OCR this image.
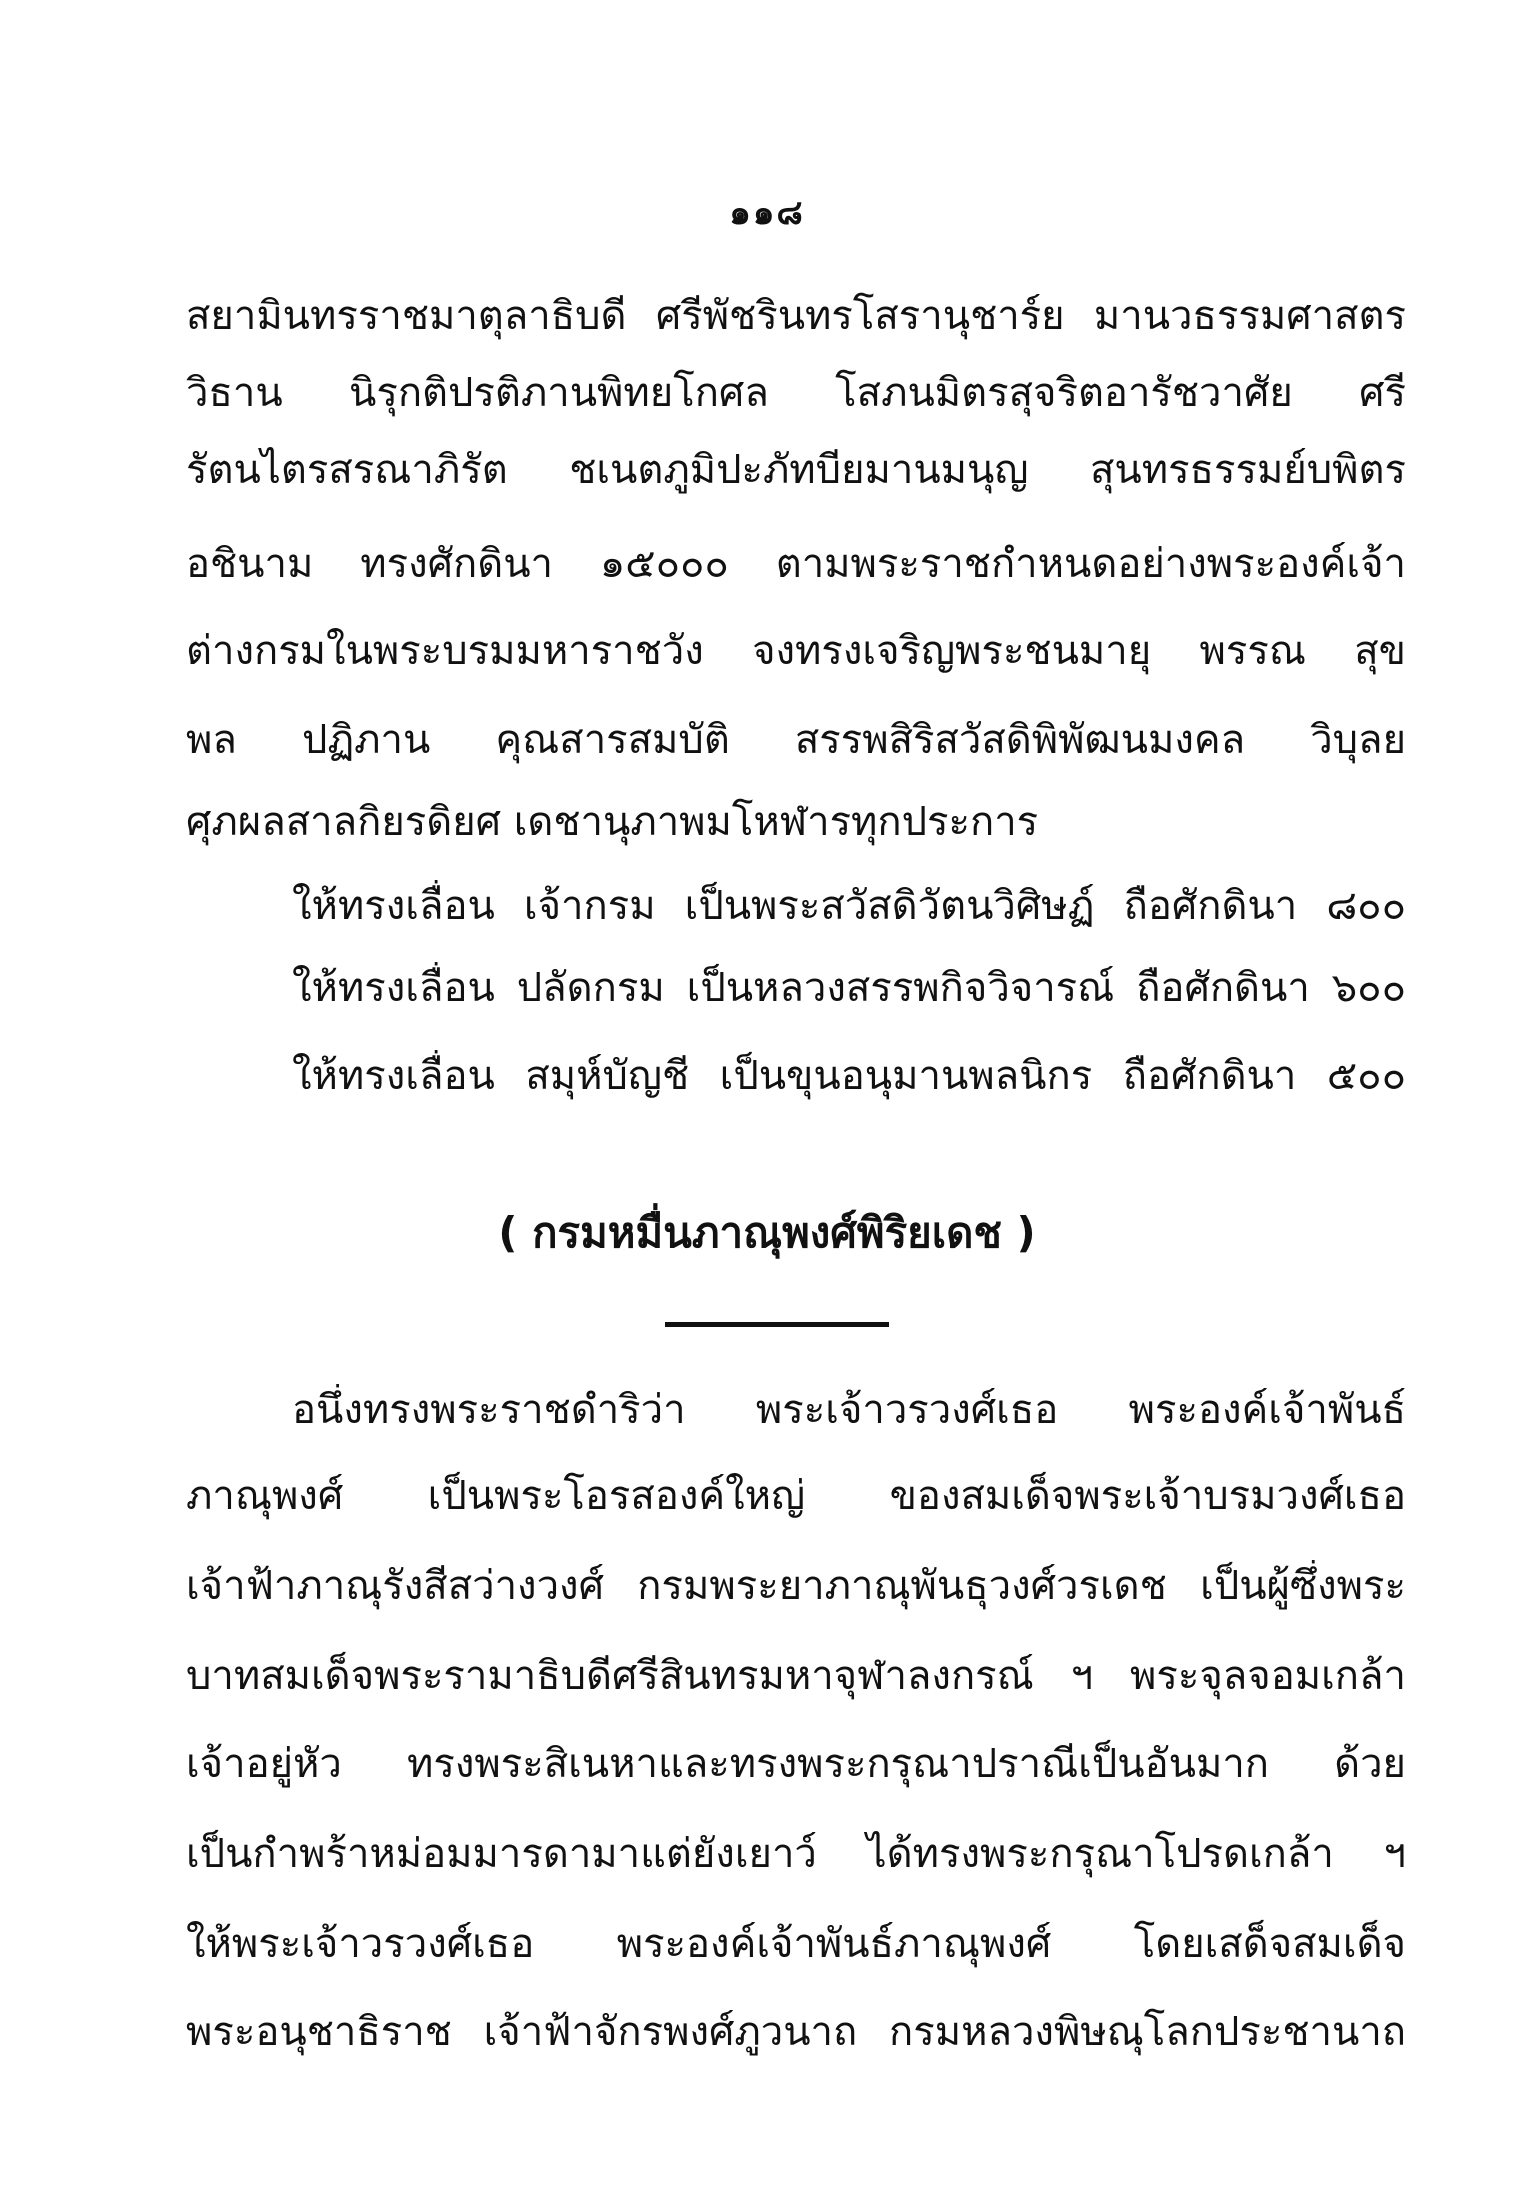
๑๑๘
สยามินทรราชมาตุลาธิบดี ศรีพัชรินทรโสรานุชาร์ย มานวธรรมศาสตร
วิธาน นิรุกติปรติภานพิทยโกศล โสภนมิตรสุจริตอารัชวาศัย ศรี
รัตนไตรสรณาภิรัต ชเนตภูมิปะภัทบียมานมนุญ สุนทรธรรมย์บพิตร
อชินาม ทรงศักดินา ๑๕๐๐๐ ตามพระราชกำหนดอย่างพระองค์เจ้า
ต่างกรมในพระบรมมหาราชวัง จงทรงเจริญพระชนมายุ พรรณ สุข
พล ปฏิภาน คุณสารสมบัติ สรรพสิริสวัสดิพิพัฒนมงคล วิบุลย
ศุภผลสาลกิยรดิยศ เดชานุภาพมโหฬารทุกประการ
ให้ทรงเลื่อน เจ้ากรม เป็นพระสวัสดิวัตนวิศิษฏ์ ถือศักดินา ๘๐๐
ให้ทรงเลื่อน ปลัดกรม เป็นหลวงสรรพกิจวิจารณ์ ถือศักดินา ๖๐๐
ให้ทรงเลื่อน สมุห์บัญชี เป็นขุนอนุมานพลนิกร ถือศักดินา ๕๐๐
( กรมหมื่นภาณุพงศ์พิริยเดช )
อนึ่งทรงพระราชดำริว่า พระเจ้าวรวงศ์เธอ พระองค์เจ้าพันธ์
ภาณุพงศ์ เป็นพระโอรสองค์ใหญ่ ของสมเด็จพระเจ้าบรมวงศ์เธอ
เจ้าฟ้าภาณุรังสีสว่างวงศ์ กรมพระยาภาณุพันธุวงศ์วรเดช เป็นผู้ซึ่งพระ
บาทสมเด็จพระรามาธิบดีศรีสินทรมหาจุฬาลงกรณ์ ฯ พระจุลจอมเกล้า
เจ้าอยู่หัว ทรงพระสิเนหาและทรงพระกรุณาปราณีเป็นอันมาก ด้วย
เป็นกำพร้าหม่อมมารดามาแต่ยังเยาว์ ได้ทรงพระกรุณาโปรดเกล้า ฯ
ให้พระเจ้าวรวงศ์เธอ พระองค์เจ้าพันธ์ภาณุพงศ์ โดยเสด็จสมเด็จ
พระอนุชาธิราช เจ้าฟ้าจักรพงศ์ภูวนาถ กรมหลวงพิษณุโลกประชานาถ
